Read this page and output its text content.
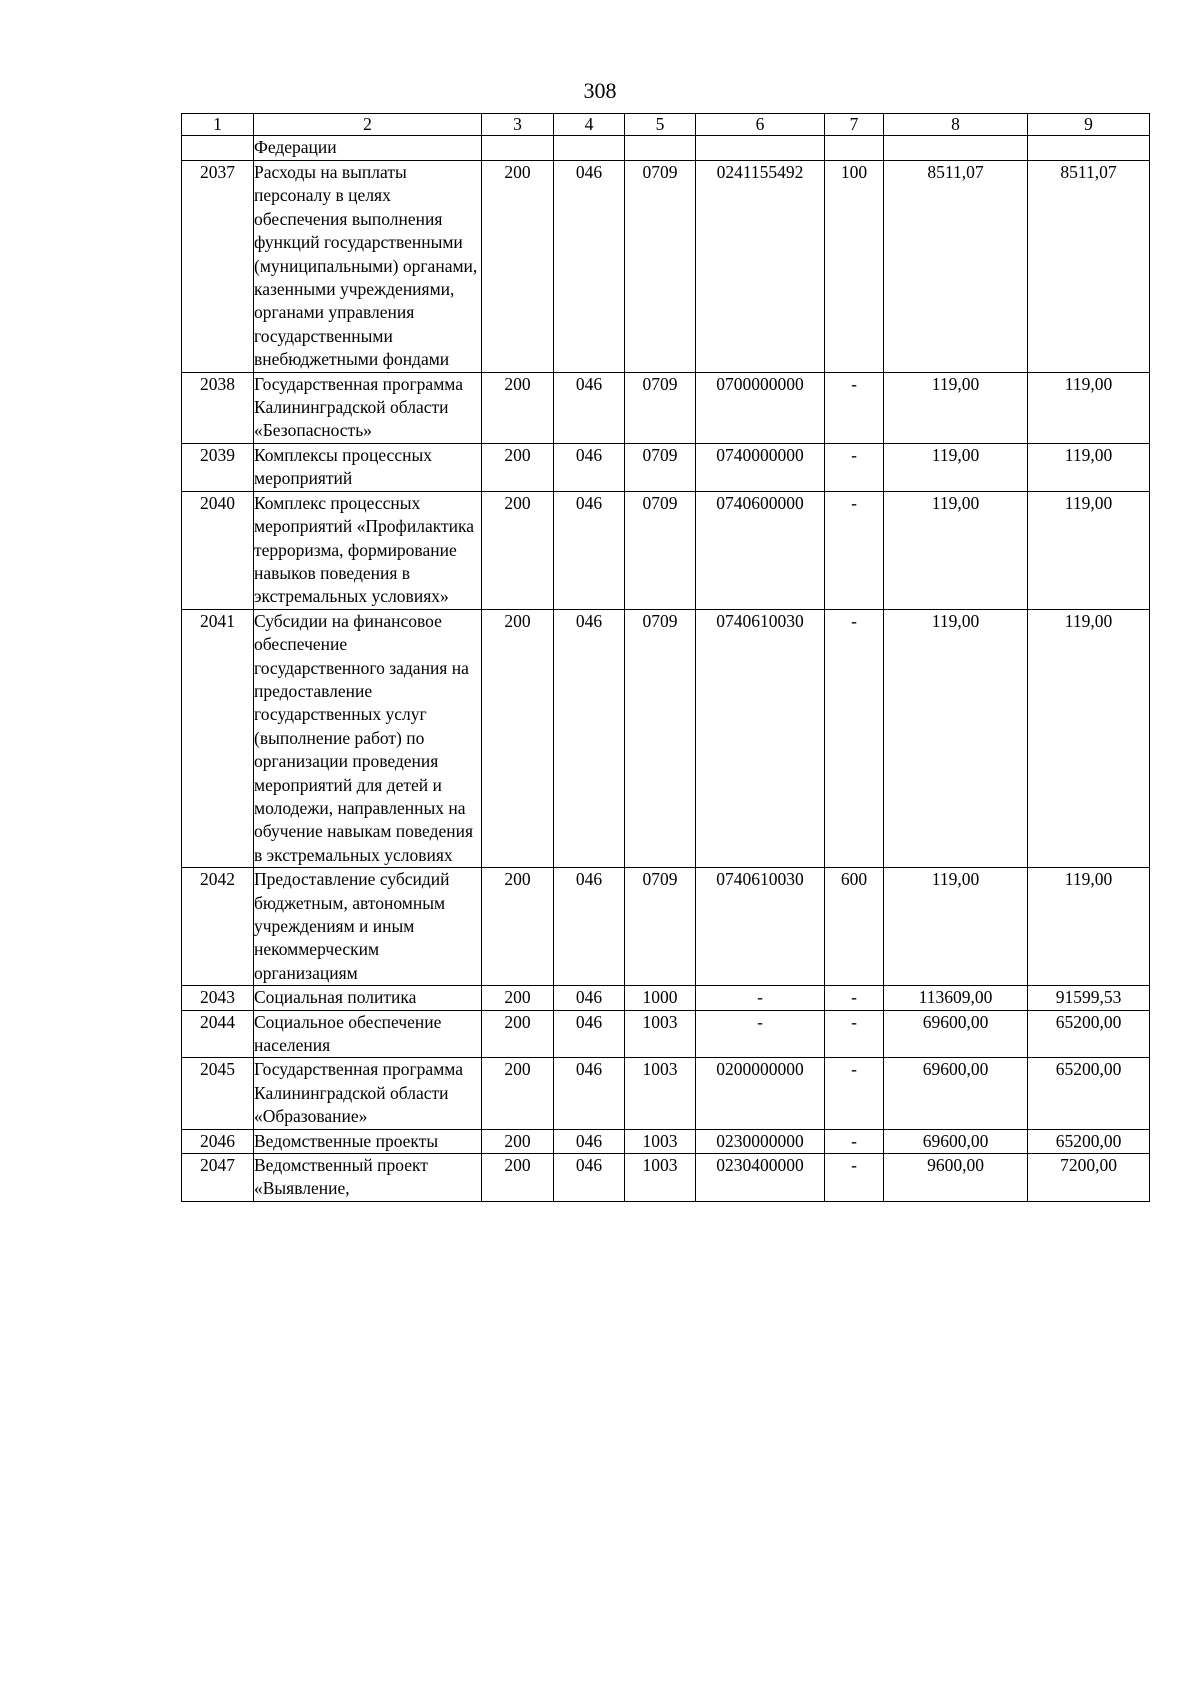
308
1	2	3	4	5	6	7	8	9
	Федерации							
2037	Расходы на выплаты персоналу в целях обеспечения выполнения функций государственными (муниципальными) органами, казенными учреждениями, органами управления государственными внебюджетными фондами	200	046	0709	0241155492	100	8511,07	8511,07
2038	Государственная программа Калининградской области «Безопасность»	200	046	0709	0700000000	-	119,00	119,00
2039	Комплексы процессных мероприятий	200	046	0709	0740000000	-	119,00	119,00
2040	Комплекс процессных мероприятий «Профилактика терроризма, формирование навыков поведения в экстремальных условиях»	200	046	0709	0740600000	-	119,00	119,00
2041	Субсидии на финансовое обеспечение государственного задания на предоставление государственных услуг (выполнение работ) по организации проведения мероприятий для детей и молодежи, направленных на обучение навыкам поведения в экстремальных условиях	200	046	0709	0740610030	-	119,00	119,00
2042	Предоставление субсидий бюджетным, автономным учреждениям и иным некоммерческим организациям	200	046	0709	0740610030	600	119,00	119,00
2043	Социальная политика	200	046	1000	-	-	113609,00	91599,53
2044	Социальное обеспечение населения	200	046	1003	-	-	69600,00	65200,00
2045	Государственная программа Калининградской области «Образование»	200	046	1003	0200000000	-	69600,00	65200,00
2046	Ведомственные проекты	200	046	1003	0230000000	-	69600,00	65200,00
2047	Ведомственный проект «Выявление,	200	046	1003	0230400000	-	9600,00	7200,00
